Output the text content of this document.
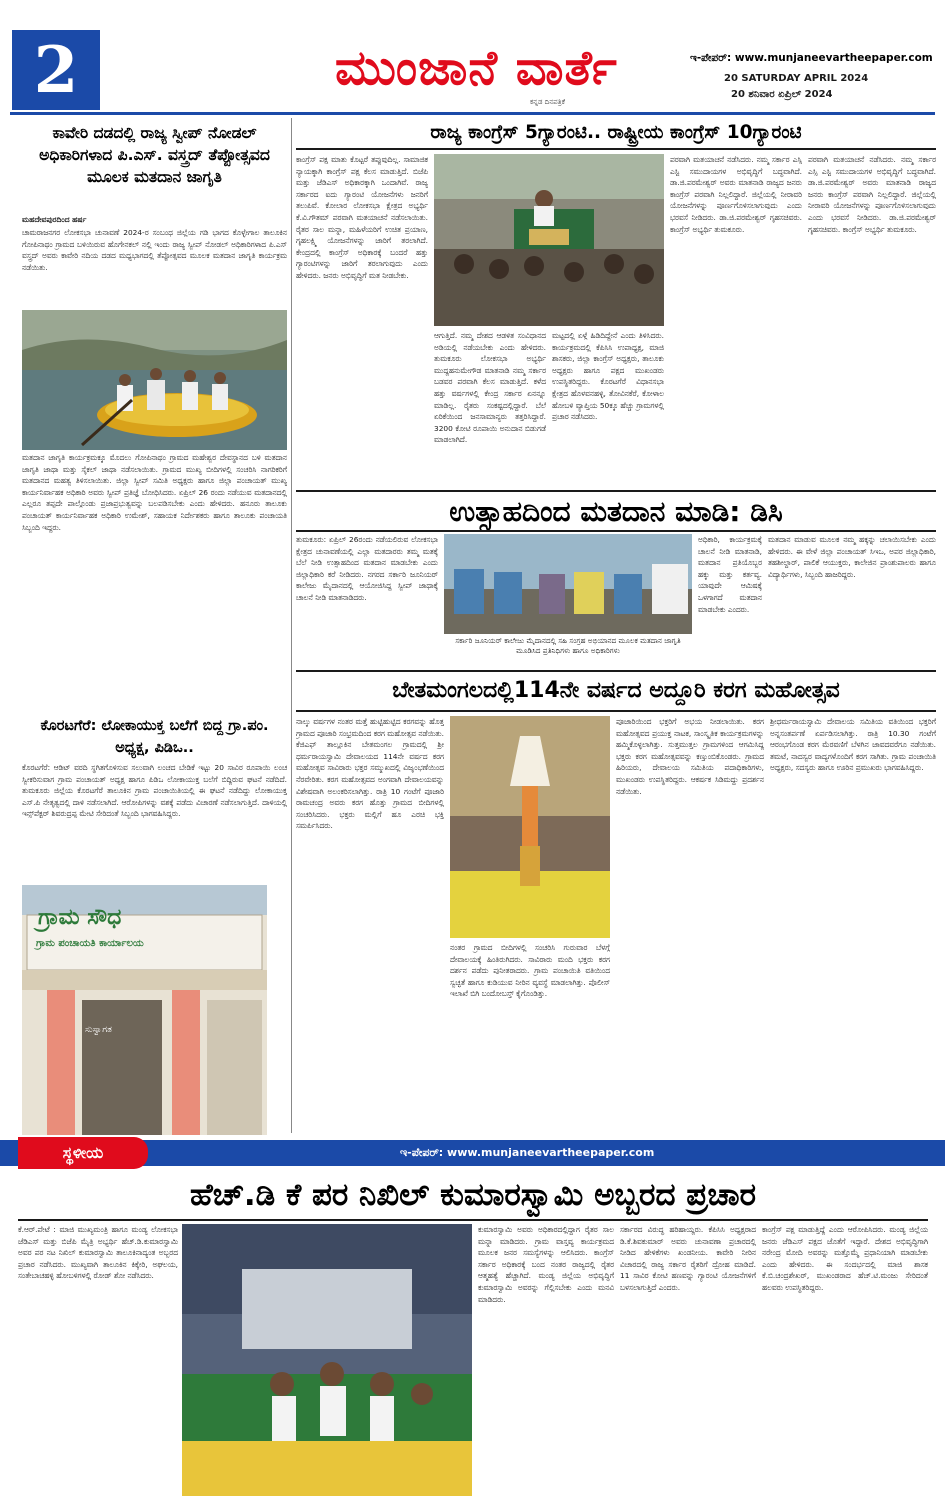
2	ಮುಂಜಾನೆ ವಾರ್ತೆ
ಕನ್ನಡ ದಿನಪತ್ರಿಕೆ
ಇ-ಪೇಪರ್: www.munjaneevartheepaper.com
20 SATURDAY APRIL 2024
20 ಶನಿವಾರ ಏಪ್ರಿಲ್ 2024
ಕಾವೇರಿ ದಡದಲ್ಲಿ ರಾಜ್ಯ ಸ್ವೀಪ್ ನೋಡಲ್ ಅಧಿಕಾರಿಗಳಾದ ಪಿ.ಎಸ್. ವಸ್ತ್ರದ್ ತೆಪ್ಪೋತ್ಸವದ ಮೂಲಕ ಮತದಾನ ಜಾಗೃತಿ
ಮಹದೇವಪುರದಿಂದ ಹರ್ಷ
ಚಾಮರಾಜನಗರ ಲೋಕಸಭಾ ಚುನಾವಣೆ 2024-ರ ಸಂಬಂಧ ಜಿಲ್ಲೆಯ ಗಡಿ ಭಾಗದ ಕೊಳ್ಳೇಗಾಲ ತಾಲೂಕಿನ ಗೋಪಿನಾಥಂ ಗ್ರಾಮದ ಬಳಿಯಿರುವ ಹೊಗೇನಕಲ್ ನಲ್ಲಿ ಇಂದು ರಾಜ್ಯ ಸ್ವೀಪ್ ನೋಡಲ್ ಅಧಿಕಾರಿಗಳಾದ ಪಿ.ಎಸ್ ವಸ್ತ್ರದ್ ಅವರು ಕಾವೇರಿ ನದಿಯ ದಡದ ಮಧ್ಯಭಾಗದಲ್ಲಿ ತೆಪ್ಪೋತ್ಸವದ ಮೂಲಕ ಮತದಾನ ಜಾಗೃತಿ ಕಾರ್ಯಕ್ರಮ ನಡೆಯಿತು.
ಮತದಾನ ಜಾಗೃತಿ ಕಾರ್ಯಕ್ರಮಕ್ಕೂ ಮೊದಲು ಗೋಪಿನಾಥಂ ಗ್ರಾಮದ ಮಹೇಶ್ವರ ದೇವಸ್ಥಾನದ ಬಳಿ ಮತದಾನ ಜಾಗೃತಿ ಜಾಥಾ ಮತ್ತು ಸೈಕಲ್ ಜಾಥಾ ನಡೆಸಲಾಯಿತು. ಗ್ರಾಮದ ಮುಖ್ಯ ಬೀದಿಗಳಲ್ಲಿ ಸಂಚರಿಸಿ ನಾಗರಿಕರಿಗೆ ಮತದಾನದ ಮಹತ್ವ ತಿಳಿಸಲಾಯಿತು. ಜಿಲ್ಲಾ ಸ್ವೀಪ್ ಸಮಿತಿ ಅಧ್ಯಕ್ಷರು ಹಾಗೂ ಜಿಲ್ಲಾ ಪಂಚಾಯತ್ ಮುಖ್ಯ ಕಾರ್ಯನಿರ್ವಾಹಕ ಅಧಿಕಾರಿ ಅವರು ಸ್ವೀಪ್ ಪ್ರತಿಜ್ಞೆ ಬೋಧಿಸಿದರು. ಏಪ್ರಿಲ್ 26 ರಂದು ನಡೆಯುವ ಮತದಾನದಲ್ಲಿ ಎಲ್ಲರೂ ತಪ್ಪದೇ ಪಾಲ್ಗೊಂಡು ಪ್ರಜಾಪ್ರಭುತ್ವವನ್ನು ಬಲಪಡಿಸಬೇಕು ಎಂದು ಹೇಳಿದರು. ಹನೂರು ತಾಲೂಕು ಪಂಚಾಯತ್ ಕಾರ್ಯನಿರ್ವಾಹಕ ಅಧಿಕಾರಿ ಉಮೇಶ್, ಸಹಾಯಕ ನಿರ್ದೇಶಕರು ಹಾಗೂ ತಾಲೂಕು ಪಂಚಾಯತಿ ಸಿಬ್ಬಂದಿ ಇದ್ದರು.
ಕೊರಟಗೆರೆ: ಲೋಕಾಯುಕ್ತ ಬಲೆಗೆ ಬಿದ್ದ ಗ್ರಾ.ಪಂ. ಅಧ್ಯಕ್ಷ, ಪಿಡಿಒ..
ಕೊರಟಗೆರೆ: ಆಡಿಟ್ ವರದಿ ಸ್ಥಗಿತಗೊಳಿಸುವ ಸಲುವಾಗಿ ಲಂಚದ ಬೇಡಿಕೆ ಇಟ್ಟು 20 ಸಾವಿರ ರೂಪಾಯಿ ಲಂಚ ಸ್ವೀಕರಿಸುವಾಗ ಗ್ರಾಮ ಪಂಚಾಯತ್ ಅಧ್ಯಕ್ಷ ಹಾಗೂ ಪಿಡಿಒ ಲೋಕಾಯುಕ್ತ ಬಲೆಗೆ ಬಿದ್ದಿರುವ ಘಟನೆ ನಡೆದಿದೆ. ತುಮಕೂರು ಜಿಲ್ಲೆಯ ಕೊರಟಗೆರೆ ತಾಲೂಕಿನ ಗ್ರಾಮ ಪಂಚಾಯಿತಿಯಲ್ಲಿ ಈ ಘಟನೆ ನಡೆದಿದ್ದು ಲೋಕಾಯುಕ್ತ ಎಸ್.ಪಿ ನೇತೃತ್ವದಲ್ಲಿ ದಾಳಿ ನಡೆಸಲಾಗಿದೆ. ಆರೋಪಿಗಳನ್ನು ವಶಕ್ಕೆ ಪಡೆದು ವಿಚಾರಣೆ ನಡೆಸಲಾಗುತ್ತಿದೆ. ದಾಳಿಯಲ್ಲಿ ಇನ್ಸ್‌ಪೆಕ್ಟರ್ ಶಿವರುದ್ರಪ್ಪ ಮೇಟಿ ಸೇರಿದಂತೆ ಸಿಬ್ಬಂದಿ ಭಾಗವಹಿಸಿದ್ದರು.
ಗ್ರಾಮ ಸೌಧ
ಗ್ರಾಮ ಪಂಚಾಯತಿ ಕಾರ್ಯಾಲಯ
ಸುಸ್ವಾಗತ
ರಾಜ್ಯ ಕಾಂಗ್ರೆಸ್ 5ಗ್ಯಾರಂಟಿ.. ರಾಷ್ಟ್ರೀಯ ಕಾಂಗ್ರೆಸ್ 10ಗ್ಯಾರಂಟಿ
ಕಾಂಗ್ರೆಸ್ ಪಕ್ಷ ಮಾತು ಕೊಟ್ಟರೆ ತಪ್ಪುವುದಿಲ್ಲ. ಸಾಮಾಜಿಕ ನ್ಯಾಯಕ್ಕಾಗಿ ಕಾಂಗ್ರೆಸ್ ಪಕ್ಷ ಕೆಲಸ ಮಾಡುತ್ತಿದೆ. ಬಿಜೆಪಿ ಮತ್ತು ಜೆಡಿಎಸ್ ಅಧಿಕಾರಕ್ಕಾಗಿ ಒಂದಾಗಿವೆ. ರಾಜ್ಯ ಸರ್ಕಾರದ ಐದು ಗ್ಯಾರಂಟಿ ಯೋಜನೆಗಳು ಜನರಿಗೆ ತಲುಪಿವೆ. ಕೋಲಾರ ಲೋಕಸಭಾ ಕ್ಷೇತ್ರದ ಅಭ್ಯರ್ಥಿ ಕೆ.ವಿ.ಗೌತಮ್ ಪರವಾಗಿ ಮತಯಾಚನೆ ನಡೆಸಲಾಯಿತು. ರೈತರ ಸಾಲ ಮನ್ನಾ, ಮಹಿಳೆಯರಿಗೆ ಉಚಿತ ಪ್ರಯಾಣ, ಗೃಹಲಕ್ಷ್ಮಿ ಯೋಜನೆಗಳನ್ನು ಜಾರಿಗೆ ತರಲಾಗಿದೆ. ಕೇಂದ್ರದಲ್ಲಿ ಕಾಂಗ್ರೆಸ್ ಅಧಿಕಾರಕ್ಕೆ ಬಂದರೆ ಹತ್ತು ಗ್ಯಾರಂಟಿಗಳನ್ನು ಜಾರಿಗೆ ತರಲಾಗುವುದು ಎಂದು ಹೇಳಿದರು. ಜನರು ಅಭಿವೃದ್ಧಿಗೆ ಮತ ನೀಡಬೇಕು.
ಆಗುತ್ತಿದೆ. ನಮ್ಮ ದೇಶದ ಆಡಳಿತ ಸಂವಿಧಾನದ ಅಡಿಯಲ್ಲಿ ನಡೆಯಬೇಕು ಎಂದು ಹೇಳಿದರು. ತುಮಕೂರು ಲೋಕಸಭಾ ಅಭ್ಯರ್ಥಿ ಮುದ್ದಹನುಮೇಗೌಡ ಮಾತನಾಡಿ ನಮ್ಮ ಸರ್ಕಾರ ಬಡವರ ಪರವಾಗಿ ಕೆಲಸ ಮಾಡುತ್ತಿದೆ. ಕಳೆದ ಹತ್ತು ವರ್ಷಗಳಲ್ಲಿ ಕೇಂದ್ರ ಸರ್ಕಾರ ಏನನ್ನೂ ಮಾಡಿಲ್ಲ. ರೈತರು ಸಂಕಷ್ಟದಲ್ಲಿದ್ದಾರೆ. ಬೆಲೆ ಏರಿಕೆಯಿಂದ ಜನಸಾಮಾನ್ಯರು ತತ್ತರಿಸಿದ್ದಾರೆ. 3200 ಕೋಟಿ ರೂಪಾಯಿ ಅನುದಾನ ಬಿಡುಗಡೆ ಮಾಡಲಾಗಿದೆ.
ಮಟ್ಟದಲ್ಲಿ ಏಳ್ಗೆ ಹಿಡಿದಿದ್ದೇನೆ ಎಂದು ತಿಳಿಸಿದರು. ಕಾರ್ಯಕ್ರಮದಲ್ಲಿ ಕೆಪಿಸಿಸಿ ಉಪಾಧ್ಯಕ್ಷ, ಮಾಜಿ ಶಾಸಕರು, ಜಿಲ್ಲಾ ಕಾಂಗ್ರೆಸ್ ಅಧ್ಯಕ್ಷರು, ತಾಲೂಕು ಅಧ್ಯಕ್ಷರು ಹಾಗೂ ಪಕ್ಷದ ಮುಖಂಡರು ಉಪಸ್ಥಿತರಿದ್ದರು. ಕೊರಟಗೆರೆ ವಿಧಾನಸಭಾ ಕ್ಷೇತ್ರದ ಹೊಳವನಹಳ್ಳಿ, ತೋವಿನಕೆರೆ, ಕೋಳಾಲ ಹೋಬಳಿ ವ್ಯಾಪ್ತಿಯ 50ಕ್ಕೂ ಹೆಚ್ಚು ಗ್ರಾಮಗಳಲ್ಲಿ ಪ್ರಚಾರ ನಡೆಸಿದರು.
ಪರವಾಗಿ ಮತಯಾಚನೆ ನಡೆಸಿದರು. ನಮ್ಮ ಸರ್ಕಾರ ಎಸ್ಸಿ ಎಸ್ಟಿ ಸಮುದಾಯಗಳ ಅಭಿವೃದ್ಧಿಗೆ ಬದ್ಧವಾಗಿದೆ. ಡಾ.ಜಿ.ಪರಮೇಶ್ವರ್ ಅವರು ಮಾತನಾಡಿ ರಾಜ್ಯದ ಜನರು ಕಾಂಗ್ರೆಸ್ ಪರವಾಗಿ ನಿಲ್ಲಲಿದ್ದಾರೆ. ಜಿಲ್ಲೆಯಲ್ಲಿ ನೀರಾವರಿ ಯೋಜನೆಗಳನ್ನು ಪೂರ್ಣಗೊಳಿಸಲಾಗುವುದು ಎಂದು ಭರವಸೆ ನೀಡಿದರು. ಡಾ.ಜಿ.ಪರಮೇಶ್ವರ್ ಗೃಹಸಚಿವರು. ಕಾಂಗ್ರೆಸ್ ಅಭ್ಯರ್ಥಿ ತುಮಕೂರು.
ಪರವಾಗಿ ಮತಯಾಚನೆ ನಡೆಸಿದರು. ನಮ್ಮ ಸರ್ಕಾರ ಎಸ್ಸಿ ಎಸ್ಟಿ ಸಮುದಾಯಗಳ ಅಭಿವೃದ್ಧಿಗೆ ಬದ್ಧವಾಗಿದೆ. ಡಾ.ಜಿ.ಪರಮೇಶ್ವರ್ ಅವರು ಮಾತನಾಡಿ ರಾಜ್ಯದ ಜನರು ಕಾಂಗ್ರೆಸ್ ಪರವಾಗಿ ನಿಲ್ಲಲಿದ್ದಾರೆ. ಜಿಲ್ಲೆಯಲ್ಲಿ ನೀರಾವರಿ ಯೋಜನೆಗಳನ್ನು ಪೂರ್ಣಗೊಳಿಸಲಾಗುವುದು ಎಂದು ಭರವಸೆ ನೀಡಿದರು. ಡಾ.ಜಿ.ಪರಮೇಶ್ವರ್ ಗೃಹಸಚಿವರು. ಕಾಂಗ್ರೆಸ್ ಅಭ್ಯರ್ಥಿ ತುಮಕೂರು.
ಉತ್ಸಾಹದಿಂದ ಮತದಾನ ಮಾಡಿ: ಡಿಸಿ
ತುಮಕೂರು: ಏಪ್ರಿಲ್ 26ರಂದು ನಡೆಯಲಿರುವ ಲೋಕಸಭಾ ಕ್ಷೇತ್ರದ ಚುನಾವಣೆಯಲ್ಲಿ ಎಲ್ಲಾ ಮತದಾರರು ತಮ್ಮ ಮತಕ್ಕೆ ಬೆಲೆ ನೀಡಿ ಉತ್ಸಾಹದಿಂದ ಮತದಾನ ಮಾಡಬೇಕು ಎಂದು ಜಿಲ್ಲಾಧಿಕಾರಿ ಕರೆ ನೀಡಿದರು. ನಗರದ ಸರ್ಕಾರಿ ಜೂನಿಯರ್ ಕಾಲೇಜು ಮೈದಾನದಲ್ಲಿ ಆಯೋಜಿಸಿದ್ದ ಸ್ವೀಪ್ ಜಾಥಾಕ್ಕೆ ಚಾಲನೆ ನೀಡಿ ಮಾತನಾಡಿದರು.
ಸರ್ಕಾರಿ ಜೂನಿಯರ್ ಕಾಲೇಜು ಮೈದಾನದಲ್ಲಿ ಸಹಿ ಸಂಗ್ರಹ ಅಭಿಯಾನದ ಮೂಲಕ ಮತದಾನ ಜಾಗೃತಿ ಮೂಡಿಸಿದ ಪ್ರತಿನಿಧಿಗಳು ಹಾಗೂ ಅಧಿಕಾರಿಗಳು
ಅಧಿಕಾರಿ, ಕಾರ್ಯಕ್ರಮಕ್ಕೆ ಚಾಲನೆ ನೀಡಿ ಮಾತನಾಡಿ, ಮತದಾನ ಪ್ರತಿಯೊಬ್ಬರ ಹಕ್ಕು ಮತ್ತು ಕರ್ತವ್ಯ. ಯಾವುದೇ ಆಮಿಷಕ್ಕೆ ಒಳಗಾಗದೆ ಮತದಾನ ಮಾಡಬೇಕು ಎಂದರು.
ಮತದಾನ ಮಾಡುವ ಮೂಲಕ ನಮ್ಮ ಹಕ್ಕನ್ನು ಚಲಾಯಿಸಬೇಕು ಎಂದು ಹೇಳಿದರು. ಈ ವೇಳೆ ಜಿಲ್ಲಾ ಪಂಚಾಯತ್ ಸಿಇಒ, ಅಪರ ಜಿಲ್ಲಾಧಿಕಾರಿ, ತಹಶೀಲ್ದಾರ್, ಪಾಲಿಕೆ ಆಯುಕ್ತರು, ಕಾಲೇಜಿನ ಪ್ರಾಂಶುಪಾಲರು ಹಾಗೂ ವಿದ್ಯಾರ್ಥಿಗಳು, ಸಿಬ್ಬಂದಿ ಹಾಜರಿದ್ದರು.
ಬೇತಮಂಗಲದಲ್ಲಿ114ನೇ ವರ್ಷದ ಅದ್ದೂರಿ ಕರಗ ಮಹೋತ್ಸವ
ನಾಲ್ಕು ವರ್ಷಗಳ ನಂತರ ಮತ್ತೆ ಹುಟ್ಟಿಹುಟ್ಟಿದ ಕರಗವನ್ನು ಹೊತ್ತ ಗ್ರಾಮದ ಪೂಜಾರಿ ಸಂಭ್ರಮದಿಂದ ಕರಗ ಮಹೋತ್ಸವ ನಡೆಯಿತು. ಕೆಜಿಎಫ್ ತಾಲ್ಲೂಕಿನ ಬೇತಮಂಗಲ ಗ್ರಾಮದಲ್ಲಿ ಶ್ರೀ ಧರ್ಮರಾಯಸ್ವಾಮಿ ದೇವಾಲಯದ 114ನೇ ವರ್ಷದ ಕರಗ ಮಹೋತ್ಸವ ಸಾವಿರಾರು ಭಕ್ತರ ಸಮ್ಮುಖದಲ್ಲಿ ವಿಜೃಂಭಣೆಯಿಂದ ನೆರವೇರಿತು. ಕರಗ ಮಹೋತ್ಸವದ ಅಂಗವಾಗಿ ದೇವಾಲಯವನ್ನು ವಿಶೇಷವಾಗಿ ಅಲಂಕರಿಸಲಾಗಿತ್ತು. ರಾತ್ರಿ 10 ಗಂಟೆಗೆ ಪೂಜಾರಿ ರಾಮಚಂದ್ರ ಅವರು ಕರಗ ಹೊತ್ತು ಗ್ರಾಮದ ಬೀದಿಗಳಲ್ಲಿ ಸಂಚರಿಸಿದರು. ಭಕ್ತರು ಮಲ್ಲಿಗೆ ಹೂ ಎರಚಿ ಭಕ್ತಿ ಸಮರ್ಪಿಸಿದರು.
ನಂತರ ಗ್ರಾಮದ ಬೀದಿಗಳಲ್ಲಿ ಸಂಚರಿಸಿ ಗುರುವಾರ ಬೆಳಗ್ಗೆ ದೇವಾಲಯಕ್ಕೆ ಹಿಂತಿರುಗಿದರು. ಸಾವಿರಾರು ಮಂದಿ ಭಕ್ತರು ಕರಗ ದರ್ಶನ ಪಡೆದು ಪುನೀತರಾದರು. ಗ್ರಾಮ ಪಂಚಾಯಿತಿ ವತಿಯಿಂದ ಸ್ವಚ್ಛತೆ ಹಾಗೂ ಕುಡಿಯುವ ನೀರಿನ ವ್ಯವಸ್ಥೆ ಮಾಡಲಾಗಿತ್ತು. ಪೊಲೀಸ್ ಇಲಾಖೆ ಬಿಗಿ ಬಂದೋಬಸ್ತ್ ಕೈಗೊಂಡಿತ್ತು.
ಪೂಜಾರಿಯಿಂದ ಭಕ್ತರಿಗೆ ಅಭಯ ನೀಡಲಾಯಿತು. ಕರಗ ಮಹೋತ್ಸವದ ಪ್ರಯುಕ್ತ ನಾಟಕ, ಸಾಂಸ್ಕೃತಿಕ ಕಾರ್ಯಕ್ರಮಗಳನ್ನು ಹಮ್ಮಿಕೊಳ್ಳಲಾಗಿತ್ತು. ಸುತ್ತಮುತ್ತಲ ಗ್ರಾಮಗಳಿಂದ ಆಗಮಿಸಿದ್ದ ಭಕ್ತರು ಕರಗ ಮಹೋತ್ಸವವನ್ನು ಕಣ್ತುಂಬಿಕೊಂಡರು. ಗ್ರಾಮದ ಹಿರಿಯರು, ದೇವಾಲಯ ಸಮಿತಿಯ ಪದಾಧಿಕಾರಿಗಳು, ಮುಖಂಡರು ಉಪಸ್ಥಿತರಿದ್ದರು. ಆಕರ್ಷಕ ಸಿಡಿಮದ್ದು ಪ್ರದರ್ಶನ ನಡೆಯಿತು.
ಶ್ರೀಧರ್ಮರಾಯಸ್ವಾಮಿ ದೇವಾಲಯ ಸಮಿತಿಯ ವತಿಯಿಂದ ಭಕ್ತರಿಗೆ ಅನ್ನಸಂತರ್ಪಣೆ ಏರ್ಪಡಿಸಲಾಗಿತ್ತು. ರಾತ್ರಿ 10.30 ಗಂಟೆಗೆ ಆರಂಭಗೊಂಡ ಕರಗ ಮೆರವಣಿಗೆ ಬೆಳಗಿನ ಜಾವದವರೆಗೂ ನಡೆಯಿತು. ತಮಟೆ, ನಾದಸ್ವರ ವಾದ್ಯಗಳೊಂದಿಗೆ ಕರಗ ಸಾಗಿತು. ಗ್ರಾಮ ಪಂಚಾಯಿತಿ ಅಧ್ಯಕ್ಷರು, ಸದಸ್ಯರು ಹಾಗೂ ಊರಿನ ಪ್ರಮುಖರು ಭಾಗವಹಿಸಿದ್ದರು.
ಸ್ಥಳೀಯ	ಇ-ಪೇಪರ್: www.munjaneevartheepaper.com
ಹೆಚ್.ಡಿ ಕೆ ಪರ ನಿಖಿಲ್ ಕುಮಾರಸ್ವಾಮಿ ಅಬ್ಬರದ ಪ್ರಚಾರ
ಕೆ.ಆರ್.ಪೇಟೆ : ಮಾಜಿ ಮುಖ್ಯಮಂತ್ರಿ ಹಾಗೂ ಮಂಡ್ಯ ಲೋಕಸಭಾ ಜೆಡಿಎಸ್ ಮತ್ತು ಬಿಜೆಪಿ ಮೈತ್ರಿ ಅಭ್ಯರ್ಥಿ ಹೆಚ್.ಡಿ.ಕುಮಾರಸ್ವಾಮಿ ಅವರ ಪರ ನಟ ನಿಖಿಲ್ ಕುಮಾರಸ್ವಾಮಿ ತಾಲೂಕಿನಾದ್ಯಂತ ಅಬ್ಬರದ ಪ್ರಚಾರ ನಡೆಸಿದರು. ಮುಖ್ಯವಾಗಿ ತಾಲೂಕಿನ ಕಿಕ್ಕೇರಿ, ಅಘಲಯ, ಸಂತೇಬಾಚಹಳ್ಳಿ ಹೋಬಳಿಗಳಲ್ಲಿ ರೋಡ್ ಶೋ ನಡೆಸಿದರು.
ಕುಮಾರಸ್ವಾಮಿ ಅವರು ಅಧಿಕಾರದಲ್ಲಿದ್ದಾಗ ರೈತರ ಸಾಲ ಮನ್ನಾ ಮಾಡಿದರು. ಗ್ರಾಮ ವಾಸ್ತವ್ಯ ಕಾರ್ಯಕ್ರಮದ ಮೂಲಕ ಜನರ ಸಮಸ್ಯೆಗಳನ್ನು ಆಲಿಸಿದರು. ಕಾಂಗ್ರೆಸ್ ಸರ್ಕಾರ ಅಧಿಕಾರಕ್ಕೆ ಬಂದ ನಂತರ ರಾಜ್ಯದಲ್ಲಿ ರೈತರ ಆತ್ಮಹತ್ಯೆ ಹೆಚ್ಚಾಗಿದೆ. ಮಂಡ್ಯ ಜಿಲ್ಲೆಯ ಅಭಿವೃದ್ಧಿಗೆ ಕುಮಾರಸ್ವಾಮಿ ಅವರನ್ನು ಗೆಲ್ಲಿಸಬೇಕು ಎಂದು ಮನವಿ ಮಾಡಿದರು.
ಸರ್ಕಾರದ ವಿರುದ್ಧ ಹರಿಹಾಯ್ದರು. ಕೆಪಿಸಿಸಿ ಅಧ್ಯಕ್ಷರಾದ ಡಿ.ಕೆ.ಶಿವಕುಮಾರ್ ಅವರು ಚುನಾವಣಾ ಪ್ರಚಾರದಲ್ಲಿ ನೀಡಿದ ಹೇಳಿಕೆಗಳು ಖಂಡನೀಯ. ಕಾವೇರಿ ನೀರಿನ ವಿಚಾರದಲ್ಲಿ ರಾಜ್ಯ ಸರ್ಕಾರ ರೈತರಿಗೆ ದ್ರೋಹ ಮಾಡಿದೆ. 11 ಸಾವಿರ ಕೋಟಿ ಹಣವನ್ನು ಗ್ಯಾರಂಟಿ ಯೋಜನೆಗಳಿಗೆ ಬಳಸಲಾಗುತ್ತಿದೆ ಎಂದರು.
ಕಾಂಗ್ರೆಸ್ ಪಕ್ಷ ಮಾಡುತ್ತಿದ್ದೆ ಎಂದು ಆರೋಪಿಸಿದರು. ಮಂಡ್ಯ ಜಿಲ್ಲೆಯ ಜನರು ಜೆಡಿಎಸ್ ಪಕ್ಷದ ಜೊತೆಗೆ ಇದ್ದಾರೆ. ದೇಶದ ಅಭಿವೃದ್ಧಿಗಾಗಿ ನರೇಂದ್ರ ಮೋದಿ ಅವರನ್ನು ಮತ್ತೊಮ್ಮೆ ಪ್ರಧಾನಿಯಾಗಿ ಮಾಡಬೇಕು ಎಂದು ಹೇಳಿದರು. ಈ ಸಂದರ್ಭದಲ್ಲಿ ಮಾಜಿ ಶಾಸಕ ಕೆ.ಬಿ.ಚಂದ್ರಶೇಖರ್, ಮುಖಂಡರಾದ ಹೆಚ್.ಟಿ.ಮಂಜು ಸೇರಿದಂತೆ ಹಲವರು ಉಪಸ್ಥಿತರಿದ್ದರು.
